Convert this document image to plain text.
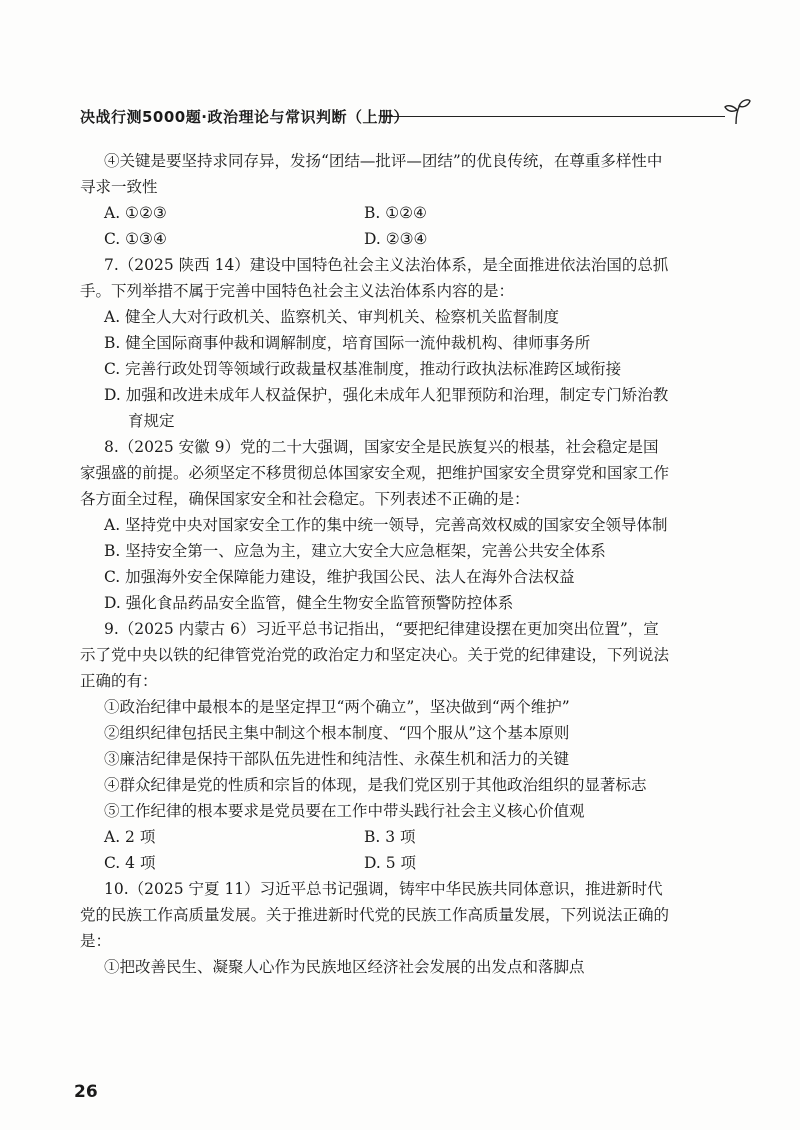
决战行测5000题·政治理论与常识判断（上册）

④关键是要坚持求同存异，发扬“团结—批评—团结”的优良传统，在尊重多样性中寻求一致性

A. ①②③	B. ①②④
C. ①③④	D. ②③④

7.（2025 陕西 14）建设中国特色社会主义法治体系，是全面推进依法治国的总抓手。下列举措不属于完善中国特色社会主义法治体系内容的是：

A. 健全人大对行政机关、监察机关、审判机关、检察机关监督制度

B. 健全国际商事仲裁和调解制度，培育国际一流仲裁机构、律师事务所

C. 完善行政处罚等领域行政裁量权基准制度，推动行政执法标准跨区域衔接

D. 加强和改进未成年人权益保护，强化未成年人犯罪预防和治理，制定专门矫治教育规定

8.（2025 安徽 9）党的二十大强调，国家安全是民族复兴的根基，社会稳定是国家强盛的前提。必须坚定不移贯彻总体国家安全观，把维护国家安全贯穿党和国家工作各方面全过程，确保国家安全和社会稳定。下列表述不正确的是：

A. 坚持党中央对国家安全工作的集中统一领导，完善高效权威的国家安全领导体制

B. 坚持安全第一、应急为主，建立大安全大应急框架，完善公共安全体系

C. 加强海外安全保障能力建设，维护我国公民、法人在海外合法权益

D. 强化食品药品安全监管，健全生物安全监管预警防控体系

9.（2025 内蒙古 6）习近平总书记指出，“要把纪律建设摆在更加突出位置”，宣示了党中央以铁的纪律管党治党的政治定力和坚定决心。关于党的纪律建设，下列说法正确的有：

①政治纪律中最根本的是坚定捍卫“两个确立”，坚决做到“两个维护”

②组织纪律包括民主集中制这个根本制度、“四个服从”这个基本原则

③廉洁纪律是保持干部队伍先进性和纯洁性、永葆生机和活力的关键

④群众纪律是党的性质和宗旨的体现，是我们党区别于其他政治组织的显著标志

⑤工作纪律的根本要求是党员要在工作中带头践行社会主义核心价值观

A. 2 项	B. 3 项
C. 4 项	D. 5 项

10.（2025 宁夏 11）习近平总书记强调，铸牢中华民族共同体意识，推进新时代党的民族工作高质量发展。关于推进新时代党的民族工作高质量发展，下列说法正确的是：

①把改善民生、凝聚人心作为民族地区经济社会发展的出发点和落脚点

26
